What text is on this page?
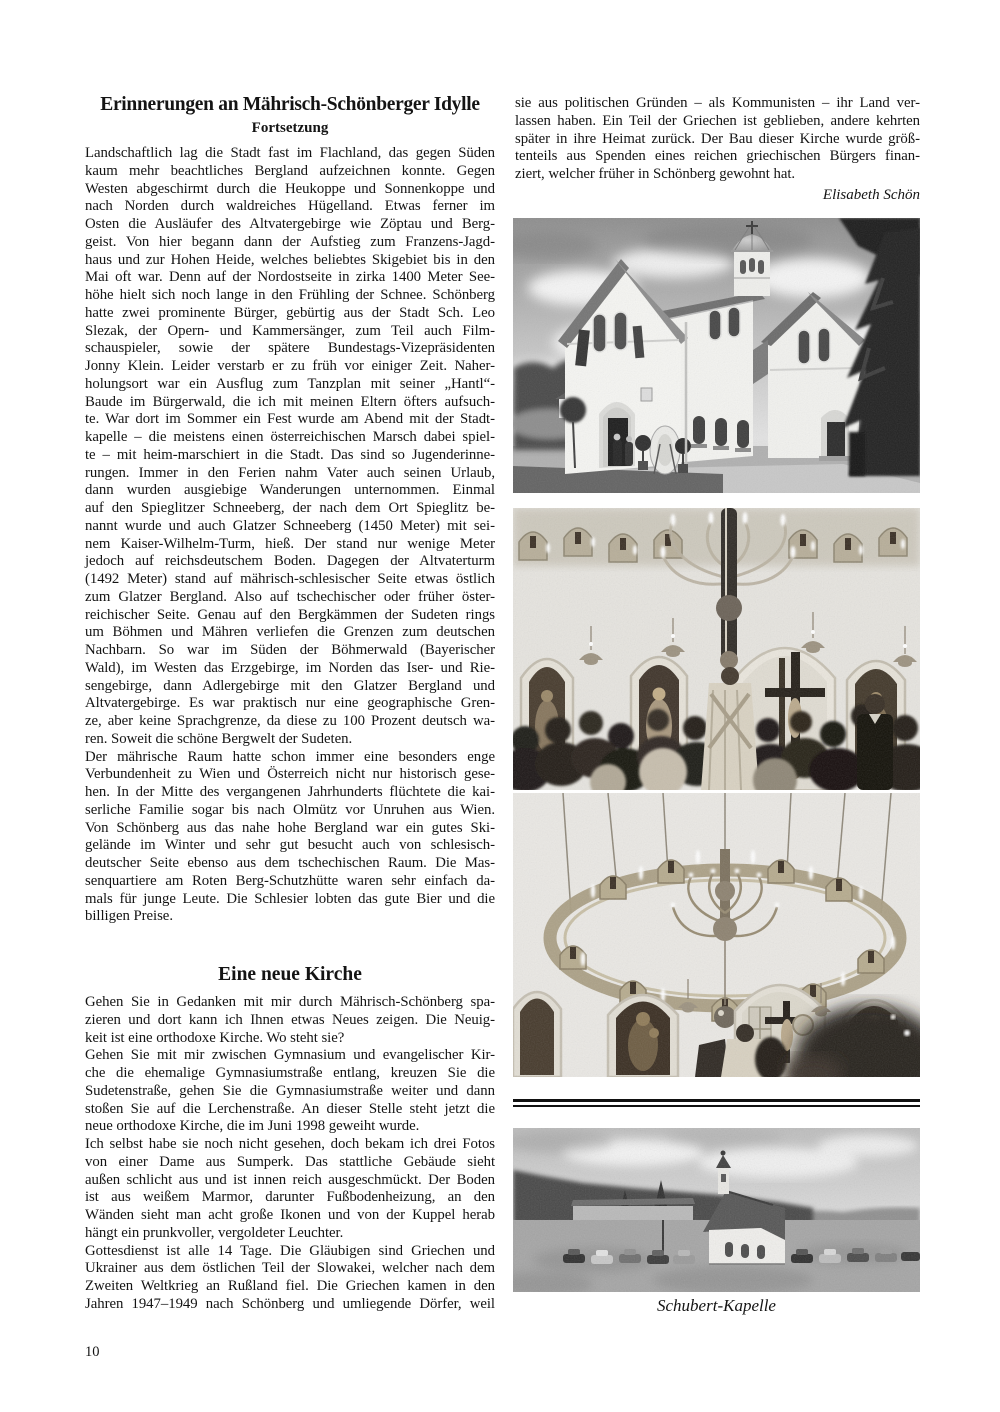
Erinnerungen an Mährisch-Schönberger Idylle
Fortsetzung
Landschaftlich lag die Stadt fast im Flachland, das gegen Süden
kaum mehr beachtliches Bergland aufzeichnen konnte. Gegen
Westen abgeschirmt durch die Heukoppe und Sonnenkoppe und
nach Norden durch waldreiches Hügelland. Etwas ferner im
Osten die Ausläufer des Altvatergebirge wie Zöptau und Berg-
geist. Von hier begann dann der Aufstieg zum Franzens-Jagd-
haus und zur Hohen Heide, welches beliebtes Skigebiet bis in den
Mai oft war. Denn auf der Nordostseite in zirka 1400 Meter See-
höhe hielt sich noch lange in den Frühling der Schnee. Schönberg
hatte zwei prominente Bürger, gebürtig aus der Stadt Sch. Leo
Slezak, der Opern- und Kammersänger, zum Teil auch Film-
schauspieler, sowie der spätere Bundestags-Vizepräsidenten
Jonny Klein. Leider verstarb er zu früh vor einiger Zeit. Naher-
holungsort war ein Ausflug zum Tanzplan mit seiner „Hantl“-
Baude im Bürgerwald, die ich mit meinen Eltern öfters aufsuch-
te. War dort im Sommer ein Fest wurde am Abend mit der Stadt-
kapelle – die meistens einen österreichischen Marsch dabei spiel-
te – mit heim-marschiert in die Stadt. Das sind so Jugenderinne-
rungen. Immer in den Ferien nahm Vater auch seinen Urlaub,
dann wurden ausgiebige Wanderungen unternommen. Einmal
auf den Spieglitzer Schneeberg, der nach dem Ort Spieglitz be-
nannt wurde und auch Glatzer Schneeberg (1450 Meter) mit sei-
nem Kaiser-Wilhelm-Turm, hieß. Der stand nur wenige Meter
jedoch auf reichsdeutschem Boden. Dagegen der Altvaterturm
(1492 Meter) stand auf mährisch-schlesischer Seite etwas östlich
zum Glatzer Bergland. Also auf tschechischer oder früher öster-
reichischer Seite. Genau auf den Bergkämmen der Sudeten rings
um Böhmen und Mähren verliefen die Grenzen zum deutschen
Nachbarn. So war im Süden der Böhmerwald (Bayerischer
Wald), im Westen das Erzgebirge, im Norden das Iser- und Rie-
sengebirge, dann Adlergebirge mit den Glatzer Bergland und
Altvatergebirge. Es war praktisch nur eine geographische Gren-
ze, aber keine Sprachgrenze, da diese zu 100 Prozent deutsch wa-
ren. Soweit die schöne Bergwelt der Sudeten.
Der mährische Raum hatte schon immer eine besonders enge
Verbundenheit zu Wien und Österreich nicht nur historisch gese-
hen. In der Mitte des vergangenen Jahrhunderts flüchtete die kai-
serliche Familie sogar bis nach Olmütz vor Unruhen aus Wien.
Von Schönberg aus das nahe hohe Bergland war ein gutes Ski-
gelände im Winter und sehr gut besucht auch von schlesisch-
deutscher Seite ebenso aus dem tschechischen Raum. Die Mas-
senquartiere am Roten Berg-Schutzhütte waren sehr einfach da-
mals für junge Leute. Die Schlesier lobten das gute Bier und die
billigen Preise.
Eine neue Kirche
Gehen Sie in Gedanken mit mir durch Mährisch-Schönberg spa-
zieren und dort kann ich Ihnen etwas Neues zeigen. Die Neuig-
keit ist eine orthodoxe Kirche. Wo steht sie?
Gehen Sie mit mir zwischen Gymnasium und evangelischer Kir-
che die ehemalige Gymnasiumstraße entlang, kreuzen Sie die
Sudetenstraße, gehen Sie die Gymnasiumstraße weiter und dann
stoßen Sie auf die Lerchenstraße. An dieser Stelle steht jetzt die
neue orthodoxe Kirche, die im Juni 1998 geweiht wurde.
Ich selbst habe sie noch nicht gesehen, doch bekam ich drei Fotos
von einer Dame aus Sumperk. Das stattliche Gebäude sieht
außen schlicht aus und ist innen reich ausgeschmückt. Der Boden
ist aus weißem Marmor, darunter Fußbodenheizung, an den
Wänden sieht man acht große Ikonen und von der Kuppel herab
hängt ein prunkvoller, vergoldeter Leuchter.
Gottesdienst ist alle 14 Tage. Die Gläubigen sind Griechen und
Ukrainer aus dem östlichen Teil der Slowakei, welcher nach dem
Zweiten Weltkrieg an Rußland fiel. Die Griechen kamen in den
Jahren 1947–1949 nach Schönberg und umliegende Dörfer, weil
sie aus politischen Gründen – als Kommunisten – ihr Land ver-
lassen haben. Ein Teil der Griechen ist geblieben, andere kehrten
später in ihre Heimat zurück. Der Bau dieser Kirche wurde größ-
tenteils aus Spenden eines reichen griechischen Bürgers finan-
ziert, welcher früher in Schönberg gewohnt hat.
Elisabeth Schön
Schubert-Kapelle
10
